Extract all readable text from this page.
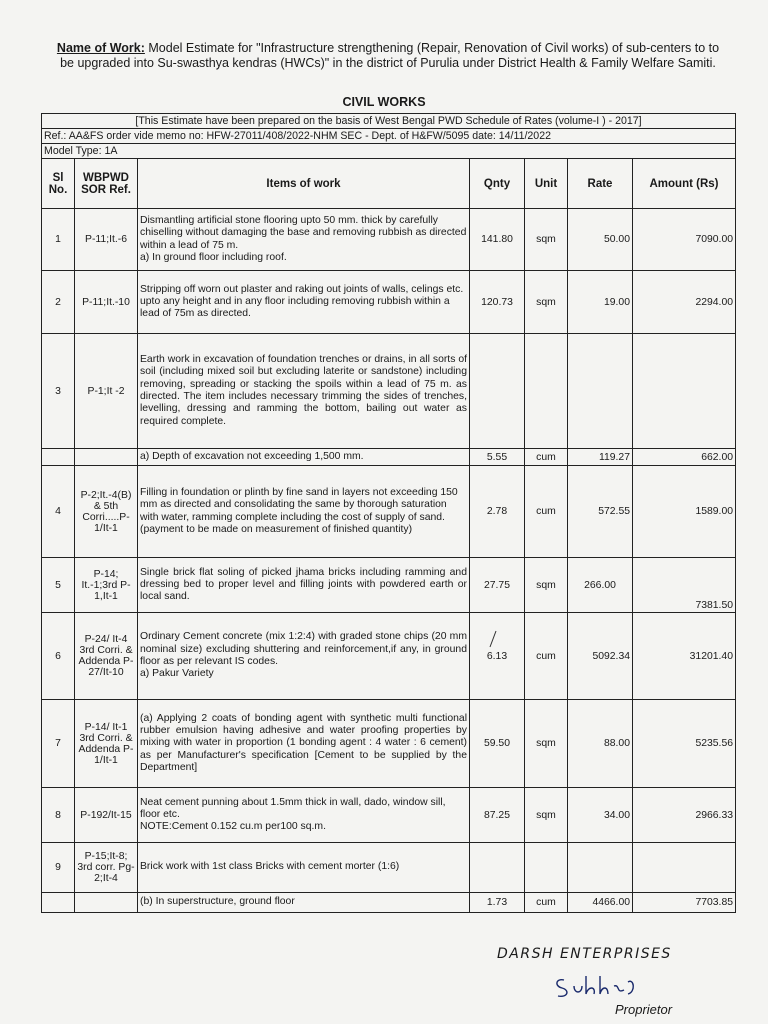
Name of Work: Model Estimate for "Infrastructure strengthening (Repair, Renovation of Civil works) of sub-centers to to be upgraded into Su-swasthya kendras (HWCs)" in the district of Purulia under District Health & Family Welfare Samiti.
CIVIL WORKS
[This Estimate have been prepared on the basis of West Bengal PWD Schedule of Rates (volume-I ) - 2017]						
Ref.: AA&FS order vide memo no: HFW-27011/408/2022-NHM SEC - Dept. of H&FW/5095 date: 14/11/2022						
Model Type: 1A						
Sl No.	WBPWD SOR Ref.	Items of work	Qnty	Unit	Rate	Amount (Rs)
1	P-11;It.-6	Dismantling artificial stone flooring upto 50 mm. thick by carefully chiselling without damaging the base and removing rubbish as directed within a lead of 75 m.
a) In ground floor including roof.	141.80	sqm	50.00	7090.00
2	P-11;It.-10	Stripping off worn out plaster and raking out joints of walls, celings etc. upto any height and in any floor including removing rubbish within a lead of 75m as directed.	120.73	sqm	19.00	2294.00
3	P-1;It -2	Earth work in excavation of foundation trenches or drains, in all sorts of soil (including mixed soil but excluding laterite or sandstone) including removing, spreading or stacking the spoils within a lead of 75 m. as directed. The item includes necessary trimming the sides of trenches, levelling, dressing and ramming the bottom, bailing out water as required complete.				
		a) Depth of excavation not exceeding 1,500 mm.	5.55	cum	119.27	662.00
4	P-2;It.-4(B) & 5th Corri.....P-1/It-1	Filling in foundation or plinth by fine sand in layers not exceeding 150 mm as directed and consolidating the same by thorough saturation with water, ramming complete including the cost of supply of sand. (payment to be made on measurement of finished quantity)	2.78	cum	572.55	1589.00
5	P-14; It.-1;3rd P-1,It-1	Single brick flat soling of picked jhama bricks including ramming and dressing bed to proper level and filling joints with powdered earth or local sand.	27.75	sqm	266.00	7381.50
6	P-24/ It-4 3rd Corri. & Addenda P-27/It-10	Ordinary Cement concrete (mix 1:2:4) with graded stone chips (20 mm nominal size) excluding shuttering and reinforcement,if any, in ground floor as per relevant IS codes.
a) Pakur Variety	6.13	cum	5092.34	31201.40
7	P-14/ It-1 3rd Corri. & Addenda P-1/It-1	(a) Applying 2 coats of bonding agent with synthetic multi functional rubber emulsion having adhesive and water proofing properties by mixing with water in proportion (1 bonding agent : 4 water : 6 cement) as per Manufacturer's specification [Cement to be supplied by the Department]	59.50	sqm	88.00	5235.56
8	P-192/It-15	Neat cement punning about 1.5mm thick in wall, dado, window sill, floor etc.
NOTE:Cement 0.152 cu.m per100 sq.m.	87.25	sqm	34.00	2966.33
9	P-15;It-8; 3rd corr. Pg-2;It-4	Brick work with 1st class Bricks with cement morter (1:6)				
		(b) In superstructure, ground floor	1.73	cum	4466.00	7703.85
DARSH ENTERPRISES
Proprietor
